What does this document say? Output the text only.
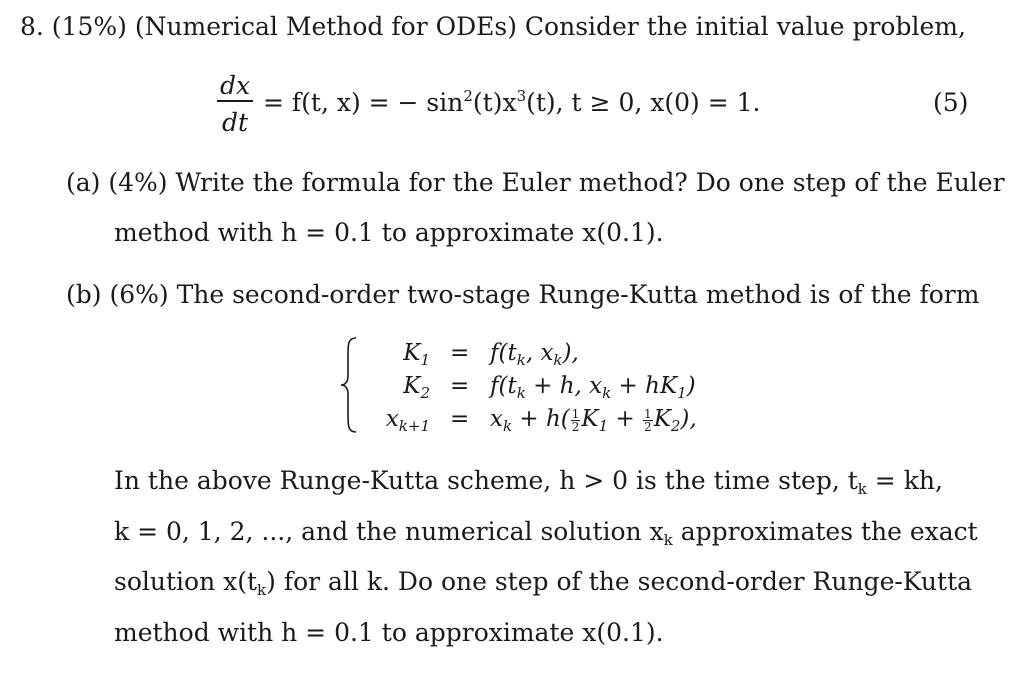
8. (15%) (Numerical Method for ODEs) Consider the initial value problem,
dx
dt
= f(t, x) = − $\sin^2(t)x^3(t)$, t ≥ 0, x(0) = 1.	(5)
(a) (4%) Write the formula for the Euler method? Do one step of the Euler
method with h = 0.1 to approximate x(0.1).
(b) (6%) The second-order two-stage Runge-Kutta method is of the form
$K_1 = f(t_k$, $x_k$),
$K_2 = f(t_k + h$, $x_k + hK_1$)
$x_{k+1} = x_k + h( \frac{1}{2} K_1 + \frac{1}{2} K_2)$,
In the above Runge-Kutta scheme, h > 0 is the time step, $t_k$ = kh,
k = 0, 1, 2, ..., and the numerical solution $x_k$ approximates the exact
solution $x(t_k)$ for all k. Do one step of the second-order Runge-Kutta
method with h = 0.1 to approximate x(0.1).
